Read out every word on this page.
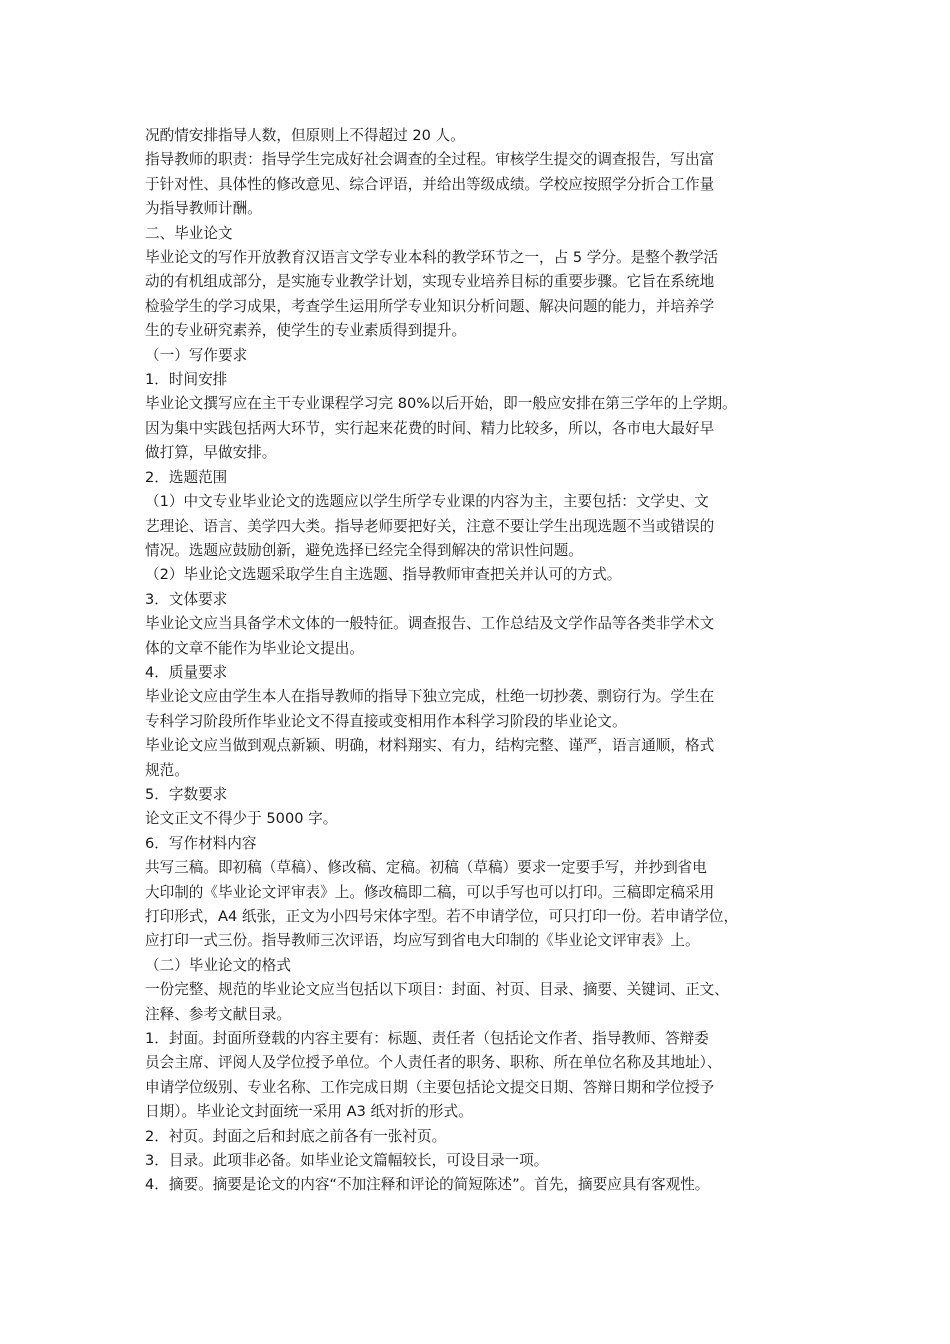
况酌情安排指导人数，但原则上不得超过 20 人。

指导教师的职责：指导学生完成好社会调查的全过程。审核学生提交的调查报告，写出富

于针对性、具体性的修改意见、综合评语，并给出等级成绩。学校应按照学分折合工作量

为指导教师计酬。

二、毕业论文

毕业论文的写作开放教育汉语言文学专业本科的教学环节之一，占 5 学分。是整个教学活

动的有机组成部分，是实施专业教学计划，实现专业培养目标的重要步骤。它旨在系统地

检验学生的学习成果，考查学生运用所学专业知识分析问题、解决问题的能力，并培养学

生的专业研究素养，使学生的专业素质得到提升。

（一）写作要求

1．时间安排

毕业论文撰写应在主干专业课程学习完 80%以后开始，即一般应安排在第三学年的上学期。

因为集中实践包括两大环节，实行起来花费的时间、精力比较多，所以，各市电大最好早

做打算，早做安排。

2．选题范围

（1）中文专业毕业论文的选题应以学生所学专业课的内容为主，主要包括：文学史、文

艺理论、语言、美学四大类。指导老师要把好关，注意不要让学生出现选题不当或错误的

情况。选题应鼓励创新，避免选择已经完全得到解决的常识性问题。

（2）毕业论文选题采取学生自主选题、指导教师审查把关并认可的方式。

3．文体要求

毕业论文应当具备学术文体的一般特征。调查报告、工作总结及文学作品等各类非学术文

体的文章不能作为毕业论文提出。

4．质量要求

毕业论文应由学生本人在指导教师的指导下独立完成，杜绝一切抄袭、剽窃行为。学生在

专科学习阶段所作毕业论文不得直接或变相用作本科学习阶段的毕业论文。

毕业论文应当做到观点新颖、明确，材料翔实、有力，结构完整、谨严，语言通顺，格式

规范。

5．字数要求

论文正文不得少于 5000 字。

6．写作材料内容

共写三稿。即初稿（草稿）、修改稿、定稿。初稿（草稿）要求一定要手写，并抄到省电

大印制的《毕业论文评审表》上。修改稿即二稿，可以手写也可以打印。三稿即定稿采用

打印形式，A4 纸张，正文为小四号宋体字型。若不申请学位，可只打印一份。若申请学位，

应打印一式三份。指导教师三次评语，均应写到省电大印制的《毕业论文评审表》上。

（二）毕业论文的格式

一份完整、规范的毕业论文应当包括以下项目：封面、衬页、目录、摘要、关键词、正文、

注释、参考文献目录。

1．封面。封面所登载的内容主要有：标题、责任者（包括论文作者、指导教师、答辩委

员会主席、评阅人及学位授予单位。个人责任者的职务、职称、所在单位名称及其地址）、

申请学位级别、专业名称、工作完成日期（主要包括论文提交日期、答辩日期和学位授予

日期）。毕业论文封面统一采用 A3 纸对折的形式。

2．衬页。封面之后和封底之前各有一张衬页。

3．目录。此项非必备。如毕业论文篇幅较长，可设目录一项。

4．摘要。摘要是论文的内容“不加注释和评论的简短陈述”。首先，摘要应具有客观性。
